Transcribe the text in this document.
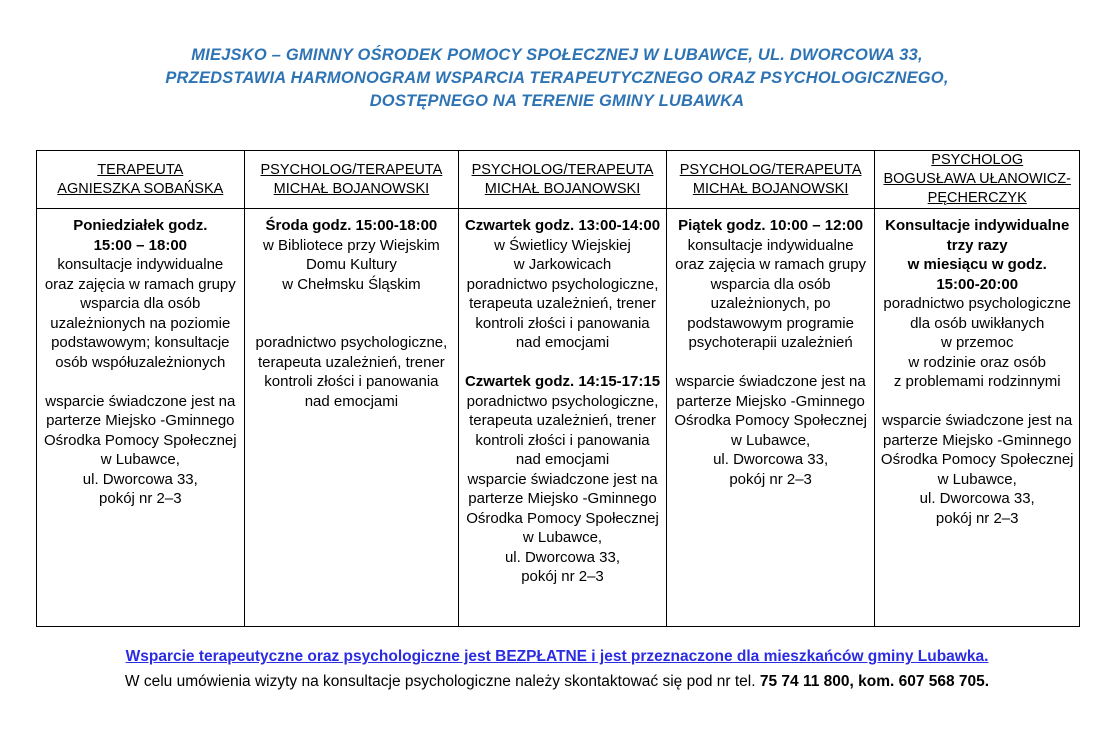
MIEJSKO – GMINNY OŚRODEK POMOCY SPOŁECZNEJ W LUBAWCE, UL. DWORCOWA 33,
PRZEDSTAWIA HARMONOGRAM WSPARCIA TERAPEUTYCZNEGO ORAZ PSYCHOLOGICZNEGO,
DOSTĘPNEGO NA TERENIE GMINY LUBAWKA
TERAPEUTA
AGNIESZKA SOBAŃSKA
Poniedziałek godz.
15:00 – 18:00
konsultacje indywidualne
oraz zajęcia w ramach grupy
wsparcia dla osób
uzależnionych na poziomie
podstawowym; konsultacje
osób współuzależnionych

wsparcie świadczone jest na
parterze Miejsko -Gminnego
Ośrodka Pomocy Społecznej
w Lubawce,
ul. Dworcowa 33,
pokój nr 2–3
PSYCHOLOG/TERAPEUTA
MICHAŁ BOJANOWSKI
Środa godz. 15:00-18:00
w Bibliotece przy Wiejskim
Domu Kultury
w Chełmsku Śląskim

poradnictwo psychologiczne,
terapeuta uzależnień, trener
kontroli złości i panowania
nad emocjami
PSYCHOLOG/TERAPEUTA
MICHAŁ BOJANOWSKI
Czwartek godz. 13:00-14:00
w Świetlicy Wiejskiej
w Jarkowicach
poradnictwo psychologiczne,
terapeuta uzależnień, trener
kontroli złości i panowania
nad emocjami

Czwartek godz. 14:15-17:15
poradnictwo psychologiczne,
terapeuta uzależnień, trener
kontroli złości i panowania
nad emocjami
wsparcie świadczone jest na
parterze Miejsko -Gminnego
Ośrodka Pomocy Społecznej
w Lubawce,
ul. Dworcowa 33,
pokój nr 2–3
PSYCHOLOG/TERAPEUTA
MICHAŁ BOJANOWSKI
Piątek godz. 10:00 – 12:00
konsultacje indywidualne
oraz zajęcia w ramach grupy
wsparcia dla osób
uzależnionych, po
podstawowym programie
psychoterapii uzależnień

wsparcie świadczone jest na
parterze Miejsko -Gminnego
Ośrodka Pomocy Społecznej
w Lubawce,
ul. Dworcowa 33,
pokój nr 2–3
PSYCHOLOG
BOGUSŁAWA UŁANOWICZ-PĘCHERCZYK
Konsultacje indywidualne
trzy razy
w miesiącu w godz.
15:00-20:00
poradnictwo psychologiczne
dla osób uwikłanych
w przemoc
w rodzinie oraz osób
z problemami rodzinnymi

wsparcie świadczone jest na
parterze Miejsko -Gminnego
Ośrodka Pomocy Społecznej
w Lubawce,
ul. Dworcowa 33,
pokój nr 2–3
Wsparcie terapeutyczne oraz psychologiczne jest BEZPŁATNE i jest przeznaczone dla mieszkańców gminy Lubawka.
W celu umówienia wizyty na konsultacje psychologiczne należy skontaktować się pod nr tel. 75 74 11 800, kom. 607 568 705.
